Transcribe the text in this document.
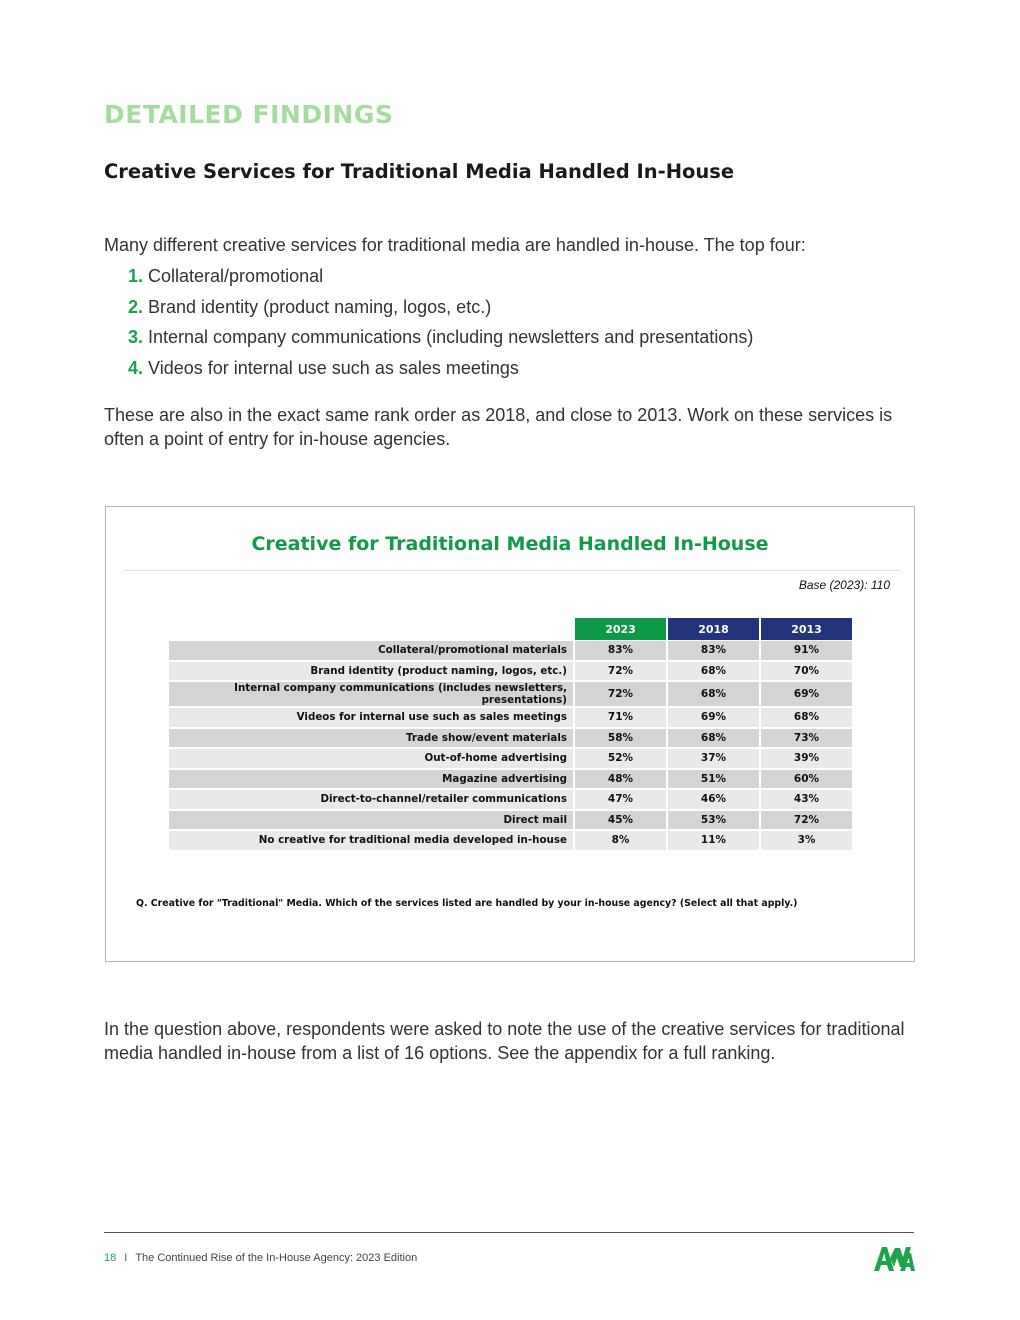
DETAILED FINDINGS
Creative Services for Traditional Media Handled In-House

Many different creative services for traditional media are handled in-house. The top four:

1. Collateral/promotional
2. Brand identity (product naming, logos, etc.)
3. Internal company communications (including newsletters and presentations)
4. Videos for internal use such as sales meetings

These are also in the exact same rank order as 2018, and close to 2013. Work on these services is often a point of entry for in-house agencies.

Creative for Traditional Media Handled In-House
Base (2023): 110
	2023	2018	2013
Collateral/promotional materials	83%	83%	91%
Brand identity (product naming, logos, etc.)	72%	68%	70%
Internal company communications (includes newsletters, presentations)	72%	68%	69%
Videos for internal use such as sales meetings	71%	69%	68%
Trade show/event materials	58%	68%	73%
Out-of-home advertising	52%	37%	39%
Magazine advertising	48%	51%	60%
Direct-to-channel/retailer communications	47%	46%	43%
Direct mail	45%	53%	72%
No creative for traditional media developed in-house	8%	11%	3%
Q. Creative for "Traditional" Media. Which of the services listed are handled by your in-house agency? (Select all that apply.)

In the question above, respondents were asked to note the use of the creative services for traditional media handled in-house from a list of 16 options. See the appendix for a full ranking.

18 I The Continued Rise of the In-House Agency: 2023 Edition
